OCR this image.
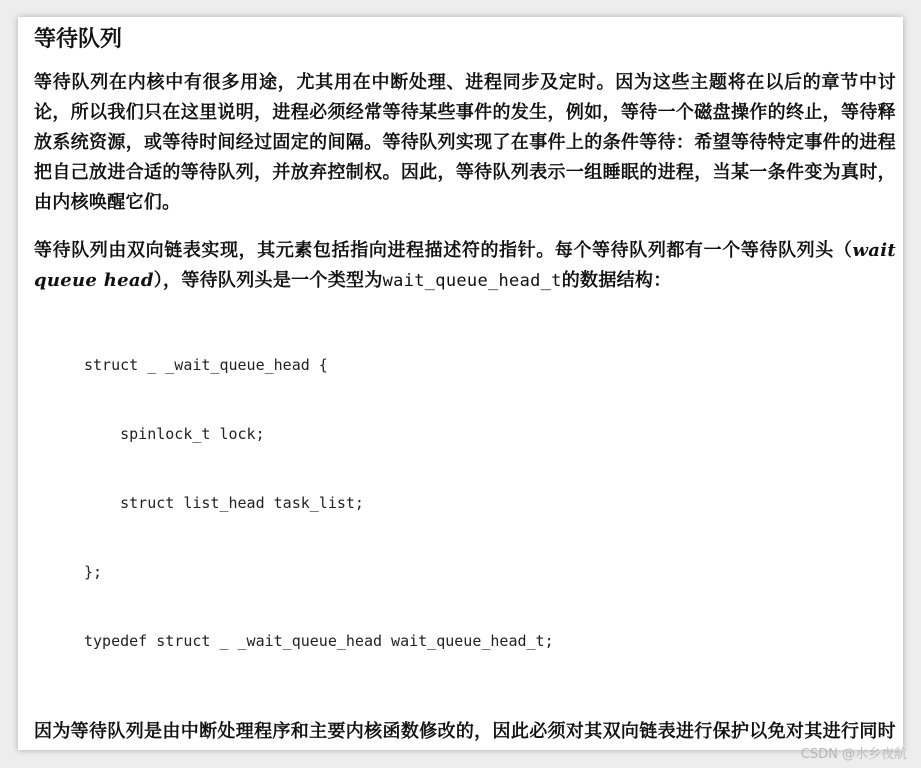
等待队列

等待队列在内核中有很多用途，尤其用在中断处理、进程同步及定时。因为这些主题将在以后的章节中讨论，所以我们只在这里说明，进程必须经常等待某些事件的发生，例如，等待一个磁盘操作的终止，等待释放系统资源，或等待时间经过固定的间隔。等待队列实现了在事件上的条件等待：希望等待特定事件的进程把自己放进合适的等待队列，并放弃控制权。因此，等待队列表示一组睡眠的进程，当某一条件变为真时，由内核唤醒它们。

等待队列由双向链表实现，其元素包括指向进程描述符的指针。每个等待队列都有一个等待队列头（wait queue head），等待队列头是一个类型为wait_queue_head_t的数据结构：

struct _ _wait_queue_head {

spinlock_t lock;

struct list_head task_list;

};

typedef struct _ _wait_queue_head wait_queue_head_t;

因为等待队列是由中断处理程序和主要内核函数修改的，因此必须对其双向链表进行保护以免对其进行同时

CSDN @水乡夜航
